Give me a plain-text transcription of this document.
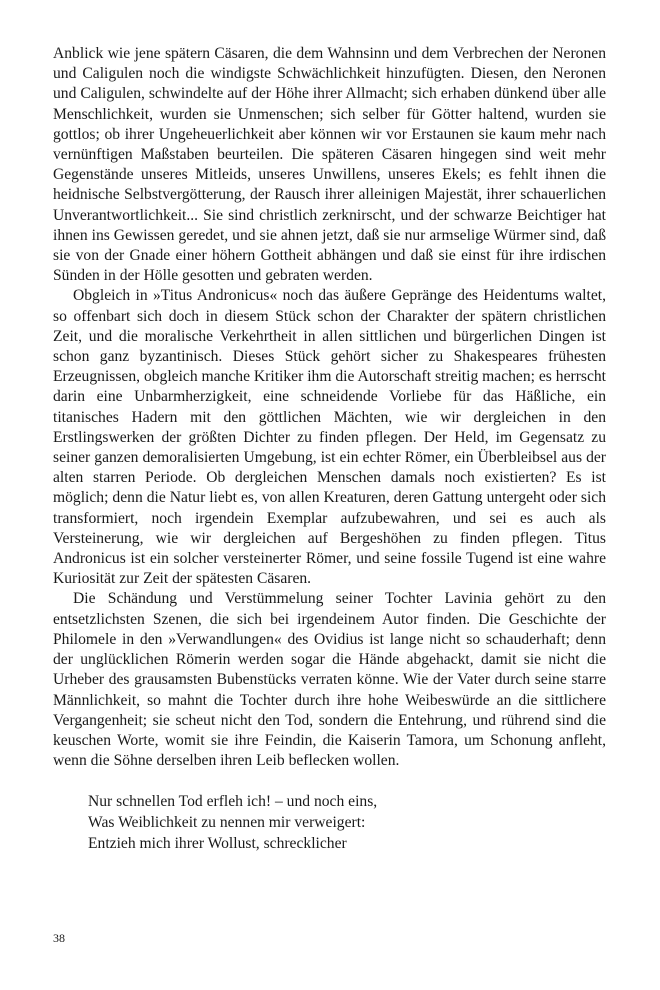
Anblick wie jene spätern Cäsaren, die dem Wahnsinn und dem Verbrechen der Neronen und Caligulen noch die windigste Schwächlichkeit hinzufügten. Diesen, den Neronen und Caligulen, schwindelte auf der Höhe ihrer Allmacht; sich erhaben dünkend über alle Menschlichkeit, wurden sie Unmenschen; sich selber für Götter haltend, wurden sie gottlos; ob ihrer Ungeheuerlichkeit aber können wir vor Erstaunen sie kaum mehr nach vernünftigen Maßstaben beurteilen. Die späteren Cäsaren hingegen sind weit mehr Gegenstände unseres Mitleids, unseres Unwillens, unseres Ekels; es fehlt ihnen die heidnische Selbstvergötterung, der Rausch ihrer alleinigen Majestät, ihrer schauerlichen Unverantwortlichkeit... Sie sind christlich zerknirscht, und der schwarze Beichtiger hat ihnen ins Gewissen geredet, und sie ahnen jetzt, daß sie nur armselige Würmer sind, daß sie von der Gnade einer höhern Gottheit abhängen und daß sie einst für ihre irdischen Sünden in der Hölle gesotten und gebraten werden.

Obgleich in »Titus Andronicus« noch das äußere Gepränge des Heidentums waltet, so offenbart sich doch in diesem Stück schon der Charakter der spätern christlichen Zeit, und die moralische Verkehrtheit in allen sittlichen und bürgerlichen Dingen ist schon ganz byzantinisch. Dieses Stück gehört sicher zu Shakespeares frühesten Erzeugnissen, obgleich manche Kritiker ihm die Autorschaft streitig machen; es herrscht darin eine Unbarmherzigkeit, eine schneidende Vorliebe für das Häßliche, ein titanisches Hadern mit den göttlichen Mächten, wie wir dergleichen in den Erstlingswerken der größten Dichter zu finden pflegen. Der Held, im Gegensatz zu seiner ganzen demoralisierten Umgebung, ist ein echter Römer, ein Überbleibsel aus der alten starren Periode. Ob dergleichen Menschen damals noch existierten? Es ist möglich; denn die Natur liebt es, von allen Kreaturen, deren Gattung untergeht oder sich transformiert, noch irgendein Exemplar aufzubewahren, und sei es auch als Versteinerung, wie wir dergleichen auf Bergeshöhen zu finden pflegen. Titus Andronicus ist ein solcher versteinerter Römer, und seine fossile Tugend ist eine wahre Kuriosität zur Zeit der spätesten Cäsaren.

Die Schändung und Verstümmelung seiner Tochter Lavinia gehört zu den entsetzlichsten Szenen, die sich bei irgendeinem Autor finden. Die Geschichte der Philomele in den »Verwandlungen« des Ovidius ist lange nicht so schauderhaft; denn der unglücklichen Römerin werden sogar die Hände abgehackt, damit sie nicht die Urheber des grausamsten Bubenstücks verraten könne. Wie der Vater durch seine starre Männlichkeit, so mahnt die Tochter durch ihre hohe Weibeswürde an die sittlichere Vergangenheit; sie scheut nicht den Tod, sondern die Entehrung, und rührend sind die keuschen Worte, womit sie ihre Feindin, die Kaiserin Tamora, um Schonung anfleht, wenn die Söhne derselben ihren Leib beflecken wollen.

Nur schnellen Tod erfleh ich! – und noch eins,
Was Weiblichkeit zu nennen mir verweigert:
Entzieh mich ihrer Wollust, schrecklicher
38
